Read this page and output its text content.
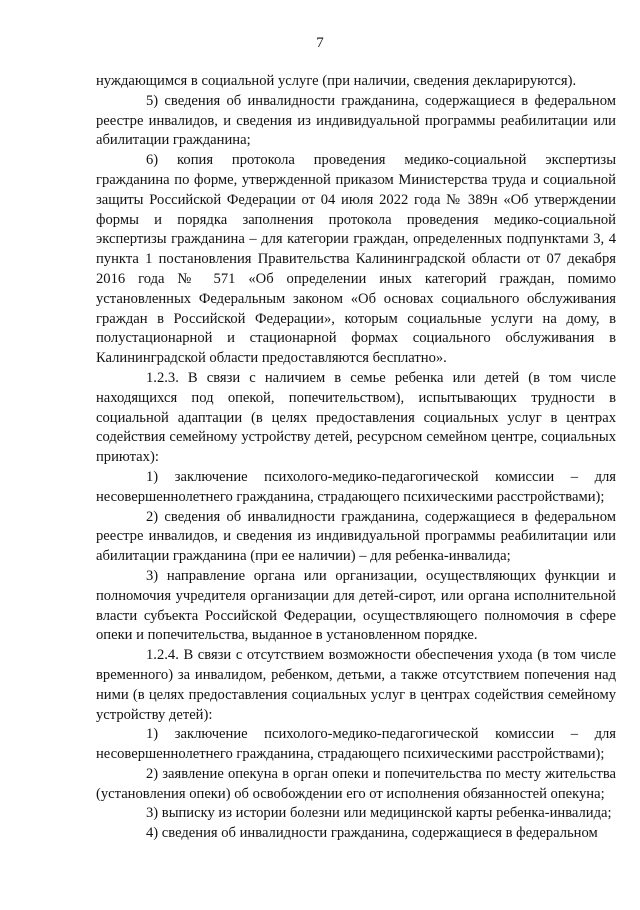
7

нуждающимся в социальной услуге (при наличии, сведения декларируются).

5) сведения об инвалидности гражданина, содержащиеся в федеральном реестре инвалидов, и сведения из индивидуальной программы реабилитации или абилитации гражданина;

6) копия протокола проведения медико-социальной экспертизы гражданина по форме, утвержденной приказом Министерства труда и социальной защиты Российской Федерации от 04 июля 2022 года № 389н «Об утверждении формы и порядка заполнения протокола проведения медико-социальной экспертизы гражданина – для категории граждан, определенных подпунктами 3, 4 пункта 1 постановления Правительства Калининградской области от 07 декабря 2016 года № 571 «Об определении иных категорий граждан, помимо установленных Федеральным законом «Об основах социального обслуживания граждан в Российской Федерации», которым социальные услуги на дому, в полустационарной и стационарной формах социального обслуживания в Калининградской области предоставляются бесплатно».

1.2.3. В связи с наличием в семье ребенка или детей (в том числе находящихся под опекой, попечительством), испытывающих трудности в социальной адаптации (в целях предоставления социальных услуг в центрах содействия семейному устройству детей, ресурсном семейном центре, социальных приютах):

1) заключение психолого-медико-педагогической комиссии – для несовершеннолетнего гражданина, страдающего психическими расстройствами);

2) сведения об инвалидности гражданина, содержащиеся в федеральном реестре инвалидов, и сведения из индивидуальной программы реабилитации или абилитации гражданина (при ее наличии) – для ребенка-инвалида;

3) направление органа или организации, осуществляющих функции и полномочия учредителя организации для детей-сирот, или органа исполнительной власти субъекта Российской Федерации, осуществляющего полномочия в сфере опеки и попечительства, выданное в установленном порядке.

1.2.4. В связи с отсутствием возможности обеспечения ухода (в том числе временного) за инвалидом, ребенком, детьми, а также отсутствием попечения над ними (в целях предоставления социальных услуг в центрах содействия семейному устройству детей):

1) заключение психолого-медико-педагогической комиссии – для несовершеннолетнего гражданина, страдающего психическими расстройствами);

2) заявление опекуна в орган опеки и попечительства по месту жительства (установления опеки) об освобождении его от исполнения обязанностей опекуна;

3) выписку из истории болезни или медицинской карты ребенка-инвалида;

4) сведения об инвалидности гражданина, содержащиеся в федеральном
